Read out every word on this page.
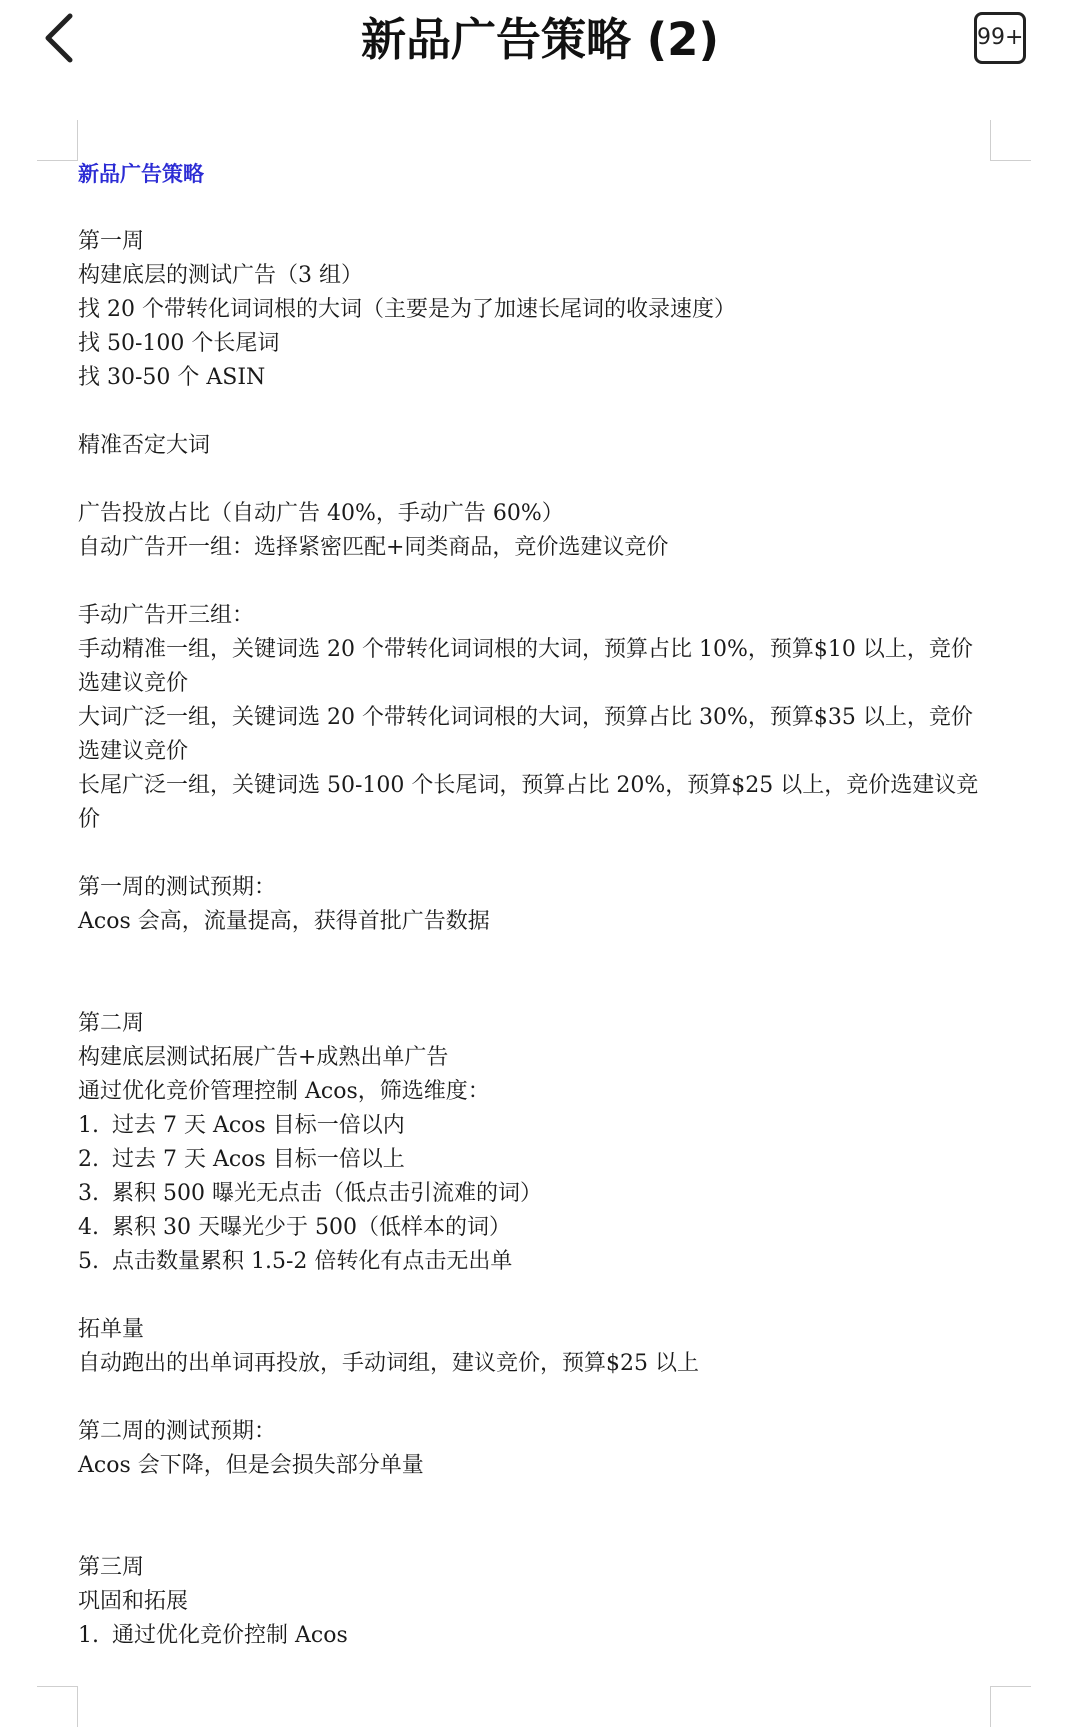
新品广告策略 (2)	99+
新品广告策略
第一周
构建底层的测试广告（3 组）
找 20 个带转化词词根的大词（主要是为了加速长尾词的收录速度）
找 50-100 个长尾词
找 30-50 个 ASIN
精准否定大词
广告投放占比（自动广告 40%，手动广告 60%）
自动广告开一组：选择紧密匹配+同类商品，竞价选建议竞价
手动广告开三组：
手动精准一组，关键词选 20 个带转化词词根的大词，预算占比 10%，预算$10 以上，竞价
选建议竞价
大词广泛一组，关键词选 20 个带转化词词根的大词，预算占比 30%，预算$35 以上，竞价
选建议竞价
长尾广泛一组，关键词选 50-100 个长尾词，预算占比 20%，预算$25 以上，竞价选建议竞
价
第一周的测试预期：
Acos 会高，流量提高，获得首批广告数据
第二周
构建底层测试拓展广告+成熟出单广告
通过优化竞价管理控制 Acos，筛选维度：
1. 过去 7 天 Acos 目标一倍以内
2. 过去 7 天 Acos 目标一倍以上
3. 累积 500 曝光无点击（低点击引流难的词）
4. 累积 30 天曝光少于 500（低样本的词）
5. 点击数量累积 1.5-2 倍转化有点击无出单
拓单量
自动跑出的出单词再投放，手动词组，建议竞价，预算$25 以上
第二周的测试预期：
Acos 会下降，但是会损失部分单量
第三周
巩固和拓展
1. 通过优化竞价控制 Acos
